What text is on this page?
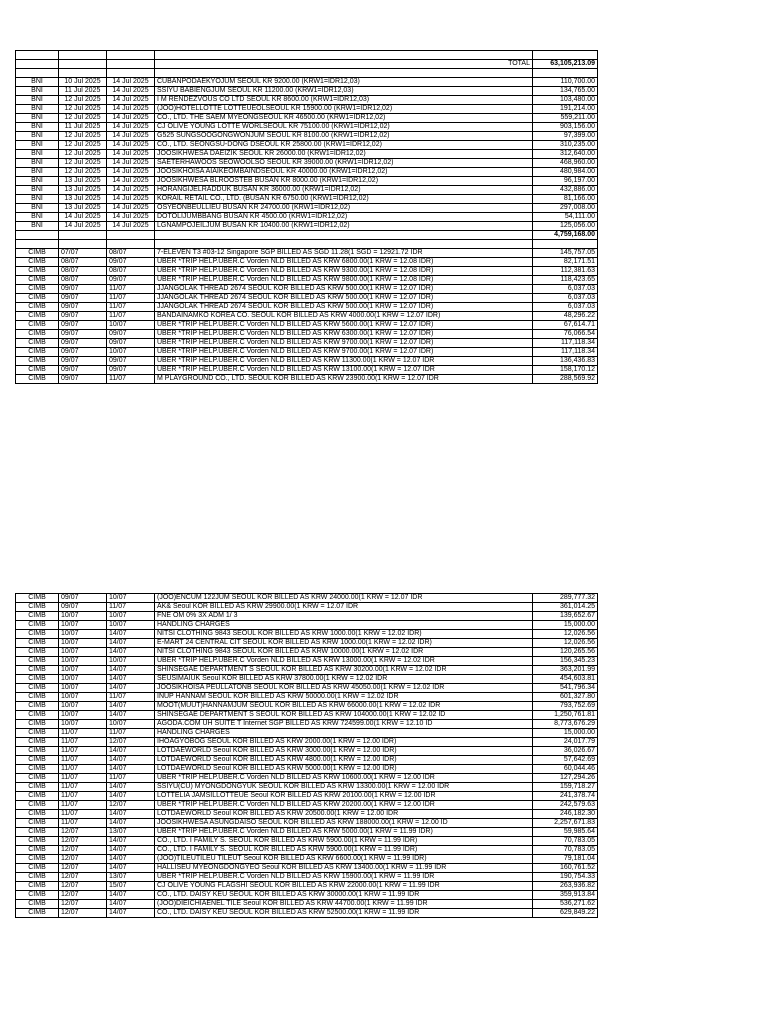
			TOTAL	63,105,213.09

BNI	10 Jul 2025	14 Jul 2025	CUBANPODAEKYOJUM SEOUL KR 9200.00 (KRW1=IDR12,03)	110,700.00
BNI	11 Jul 2025	14 Jul 2025	SSIYU BABIENGJUM SEOUL KR 11200.00 (KRW1=IDR12,03)	134,765.00
BNI	12 Jul 2025	14 Jul 2025	I M RENDEZVOUS CO LTD SEOUL KR 8600.00 (KRW1=IDR12,03)	103,480.00
BNI	12 Jul 2025	14 Jul 2025	(JOO)HOTELLOTTE LOTTEUEOLSEOUL KR 15900.00 (KRW1=IDR12,02)	191,214.00
BNI	12 Jul 2025	14 Jul 2025	CO., LTD. THE SAEM MYEONGSEOUL KR 46500.00 (KRW1=IDR12,02)	559,211.00
BNI	11 Jul 2025	14 Jul 2025	CJ OLIVE YOUNG LOTTE WORLSEOUL KR 75100.00 (KRW1=IDR12,02)	903,156.00
BNI	12 Jul 2025	14 Jul 2025	G525 SUNGSOOGONGWONJUM SEOUL KR 8100.00 (KRW1=IDR12,02)	97,399.00
BNI	12 Jul 2025	14 Jul 2025	CO., LTD. SEONGSU-DONG DSEOUL KR 25800.00 (KRW1=IDR12,02)	310,235.00
BNI	12 Jul 2025	14 Jul 2025	JOOSIKHWESA DAEIZIK SEOUL KR 26000.00 (KRW1=IDR12,02)	312,640.00
BNI	12 Jul 2025	14 Jul 2025	SAETERHAWOOS SEOWOOLSO SEOUL KR 39000.00 (KRW1=IDR12,02)	468,960.00
BNI	12 Jul 2025	14 Jul 2025	JOOSIKHOISA AIAIKEOMBAINDSEOUL KR 40000.00 (KRW1=IDR12,02)	480,984.00
BNI	13 Jul 2025	14 Jul 2025	JOOSIKHWESA BLROOSTEB BUSAN KR 8000.00 (KRW1=IDR12,02)	96,197.00
BNI	13 Jul 2025	14 Jul 2025	HORANGIJELRADDUK BUSAN KR 36000.00 (KRW1=IDR12,02)	432,886.00
BNI	13 Jul 2025	14 Jul 2025	KORAIL RETAIL CO., LTD. (BUSAN KR 6750.00 (KRW1=IDR12,02)	81,166.00
BNI	13 Jul 2025	14 Jul 2025	OSYEONBEULLIEU BUSAN KR 24700.00 (KRW1=IDR12,02)	297,008.00
BNI	14 Jul 2025	14 Jul 2025	DOTOLIJUMBBANG BUSAN KR 4500.00 (KRW1=IDR12,02)	54,111.00
BNI	14 Jul 2025	14 Jul 2025	LGNAMPOJEILJUM BUSAN KR 10400.00 (KRW1=IDR12,02)	125,056.00
				4,759,168.00

CIMB	07/07	08/07	7-ELEVEN T3 #03-12 Singapore SGP BILLED AS SGD 11.28(1 SGD = 12921.72 IDR	145,757.05
CIMB	08/07	09/07	UBER *TRIP HELP.UBER.C Vorden NLD BILLED AS KRW 6800.00(1 KRW = 12.08 IDR)	82,171.51
CIMB	08/07	08/07	UBER *TRIP HELP.UBER.C Vorden NLD BILLED AS KRW 9300.00(1 KRW = 12.08 IDR)	112,381.63
CIMB	08/07	09/07	UBER *TRIP HELP.UBER.C Vorden NLD BILLED AS KRW 9800.00(1 KRW = 12.08 IDR)	118,423.65
CIMB	09/07	11/07	JJANGOLAK THREAD 2674 SEOUL KOR BILLED AS KRW 500.00(1 KRW = 12.07 IDR)	6,037.03
CIMB	09/07	11/07	JJANGOLAK THREAD 2674 SEOUL KOR BILLED AS KRW 500.00(1 KRW = 12.07 IDR)	6,037.03
CIMB	09/07	11/07	JJANGOLAK THREAD 2674 SEOUL KOR BILLED AS KRW 500.00(1 KRW = 12.07 IDR)	6,037.03
CIMB	09/07	11/07	BANDAINAMKO KOREA CO. SEOUL KOR BILLED AS KRW 4000.00(1 KRW = 12.07 IDR)	48,296.22
CIMB	09/07	10/07	UBER *TRIP HELP.UBER.C Vorden NLD BILLED AS KRW 5600.00(1 KRW = 12.07 IDR)	67,614.71
CIMB	09/07	09/07	UBER *TRIP HELP.UBER.C Vorden NLD BILLED AS KRW 6300.00(1 KRW = 12.07 IDR)	76,066.54
CIMB	09/07	09/07	UBER *TRIP HELP.UBER.C Vorden NLD BILLED AS KRW 9700.00(1 KRW = 12.07 IDR)	117,118.34
CIMB	09/07	10/07	UBER *TRIP HELP.UBER.C Vorden NLD BILLED AS KRW 9700.00(1 KRW = 12.07 IDR)	117,118.34
CIMB	09/07	09/07	UBER *TRIP HELP.UBER.C Vorden NLD BILLED AS KRW 11300.00(1 KRW = 12.07 IDR	136,436.83
CIMB	09/07	09/07	UBER *TRIP HELP.UBER.C Vorden NLD BILLED AS KRW 13100.00(1 KRW = 12.07 IDR	158,170.12
CIMB	09/07	11/07	M PLAYGROUND CO., LTD. SEOUL KOR BILLED AS KRW 23900.00(1 KRW = 12.07 IDR	288,569.92
CIMB	09/07	10/07	(JOO)ENCUM 122JUM SEOUL KOR BILLED AS KRW 24000.00(1 KRW = 12.07 IDR	289,777.32
CIMB	09/07	11/07	AK& Seoul KOR BILLED AS KRW 29900.00(1 KRW = 12.07 IDR	361,014.25
CIMB	10/07	10/07	FNE OM 0% 3X ADM 1/ 3	139,652.67
CIMB	10/07	10/07	HANDLING CHARGES	15,000.00
CIMB	10/07	14/07	NITSI CLOTHING 9843 SEOUL KOR BILLED AS KRW 1000.00(1 KRW = 12.02 IDR)	12,026.56
CIMB	10/07	14/07	E-MART 24 CENTRAL CIT SEOUL KOR BILLED AS KRW 1000.00(1 KRW = 12.02 IDR)	12,026.56
CIMB	10/07	14/07	NITSI CLOTHING 9843 SEOUL KOR BILLED AS KRW 10000.00(1 KRW = 12.02 IDR	120,265.56
CIMB	10/07	10/07	UBER *TRIP HELP.UBER.C Vorden NLD BILLED AS KRW 13000.00(1 KRW = 12.02 IDR	156,345.23
CIMB	10/07	14/07	SHINSEGAE DEPARTMENT S SEOUL KOR BILLED AS KRW 30200.00(1 KRW = 12.02 IDR	363,201.99
CIMB	10/07	14/07	SEUSIMAIUK Seoul KOR BILLED AS KRW 37800.00(1 KRW = 12.02 IDR	454,603.81
CIMB	10/07	14/07	JOOSIKHOISA PEULLATONB SEOUL KOR BILLED AS KRW 45050.00(1 KRW = 12.02 IDR	541,796.34
CIMB	10/07	11/07	INUP HANNAM SEOUL KOR BILLED AS KRW 50000.00(1 KRW = 12.02 IDR	601,327.80
CIMB	10/07	14/07	MOOT(MUUT)HANNAMJUM SEOUL KOR BILLED AS KRW 66000.00(1 KRW = 12.02 IDR	793,752.69
CIMB	10/07	14/07	SHINSEGAE DEPARTMENT S SEOUL KOR BILLED AS KRW 104000.00(1 KRW = 12.02 ID	1,250,761.81
CIMB	10/07	10/07	AGODA.COM UH SUITE T Internet SGP BILLED AS KRW 724599.00(1 KRW = 12.10 ID	8,773,676.29
CIMB	11/07	11/07	HANDLING CHARGES	15,000.00
CIMB	11/07	12/07	IHOAGYOBOG SEOUL KOR BILLED AS KRW 2000.00(1 KRW = 12.00 IDR)	24,017.79
CIMB	11/07	14/07	LOTDAEWORLD Seoul KOR BILLED AS KRW 3000.00(1 KRW = 12.00 IDR)	36,026.67
CIMB	11/07	14/07	LOTDAEWORLD Seoul KOR BILLED AS KRW 4800.00(1 KRW = 12.00 IDR)	57,642.69
CIMB	11/07	14/07	LOTDAEWORLD Seoul KOR BILLED AS KRW 5000.00(1 KRW = 12.00 IDR)	60,044.46
CIMB	11/07	11/07	UBER *TRIP HELP.UBER.C Vorden NLD BILLED AS KRW 10600.00(1 KRW = 12.00 IDR	127,294.26
CIMB	11/07	14/07	SSIYU(CU) MYONGDONGYUK SEOUL KOR BILLED AS KRW 13300.00(1 KRW = 12.00 IDR	159,718.27
CIMB	11/07	14/07	LOTTELIA JAMSILLOTTEUE Seoul KOR BILLED AS KRW 20100.00(1 KRW = 12.00 IDR	241,378.74
CIMB	11/07	12/07	UBER *TRIP HELP.UBER.C Vorden NLD BILLED AS KRW 20200.00(1 KRW = 12.00 IDR	242,579.63
CIMB	11/07	14/07	LOTDAEWORLD Seoul KOR BILLED AS KRW 20500.00(1 KRW = 12.00 IDR	246,182.30
CIMB	11/07	14/07	JOOSIKHWESA ASUNGDAISO SEOUL KOR BILLED AS KRW 188000.00(1 KRW = 12.00 ID	2,257,671.83
CIMB	12/07	13/07	UBER *TRIP HELP.UBER.C Vorden NLD BILLED AS KRW 5000.00(1 KRW = 11.99 IDR)	59,985.64
CIMB	12/07	14/07	CO., LTD. I FAMILY S. SEOUL KOR BILLED AS KRW 5900.00(1 KRW = 11.99 IDR)	70,783.05
CIMB	12/07	14/07	CO., LTD. I FAMILY S. SEOUL KOR BILLED AS KRW 5900.00(1 KRW = 11.99 IDR)	70,783.05
CIMB	12/07	14/07	(JOO)TILEUTILEU TILEUT Seoul KOR BILLED AS KRW 6600.00(1 KRW = 11.99 IDR)	79,181.04
CIMB	12/07	14/07	HALLISEU MYEONGDONGYEO Seoul KOR BILLED AS KRW 13400.00(1 KRW = 11.99 IDR	160,761.52
CIMB	12/07	13/07	UBER *TRIP HELP.UBER.C Vorden NLD BILLED AS KRW 15900.00(1 KRW = 11.99 IDR	190,754.33
CIMB	12/07	15/07	CJ OLIVE YOUNG FLAGSHI SEOUL KOR BILLED AS KRW 22000.00(1 KRW = 11.99 IDR	263,936.82
CIMB	12/07	14/07	CO., LTD. DAISY KEU SEOUL KOR BILLED AS KRW 30000.00(1 KRW = 11.99 IDR	359,913.84
CIMB	12/07	14/07	(JOO)DIEICHIAENEL TILE Seoul KOR BILLED AS KRW 44700.00(1 KRW = 11.99 IDR	536,271.62
CIMB	12/07	14/07	CO., LTD. DAISY KEU SEOUL KOR BILLED AS KRW 52500.00(1 KRW = 11.99 IDR	629,849.22
